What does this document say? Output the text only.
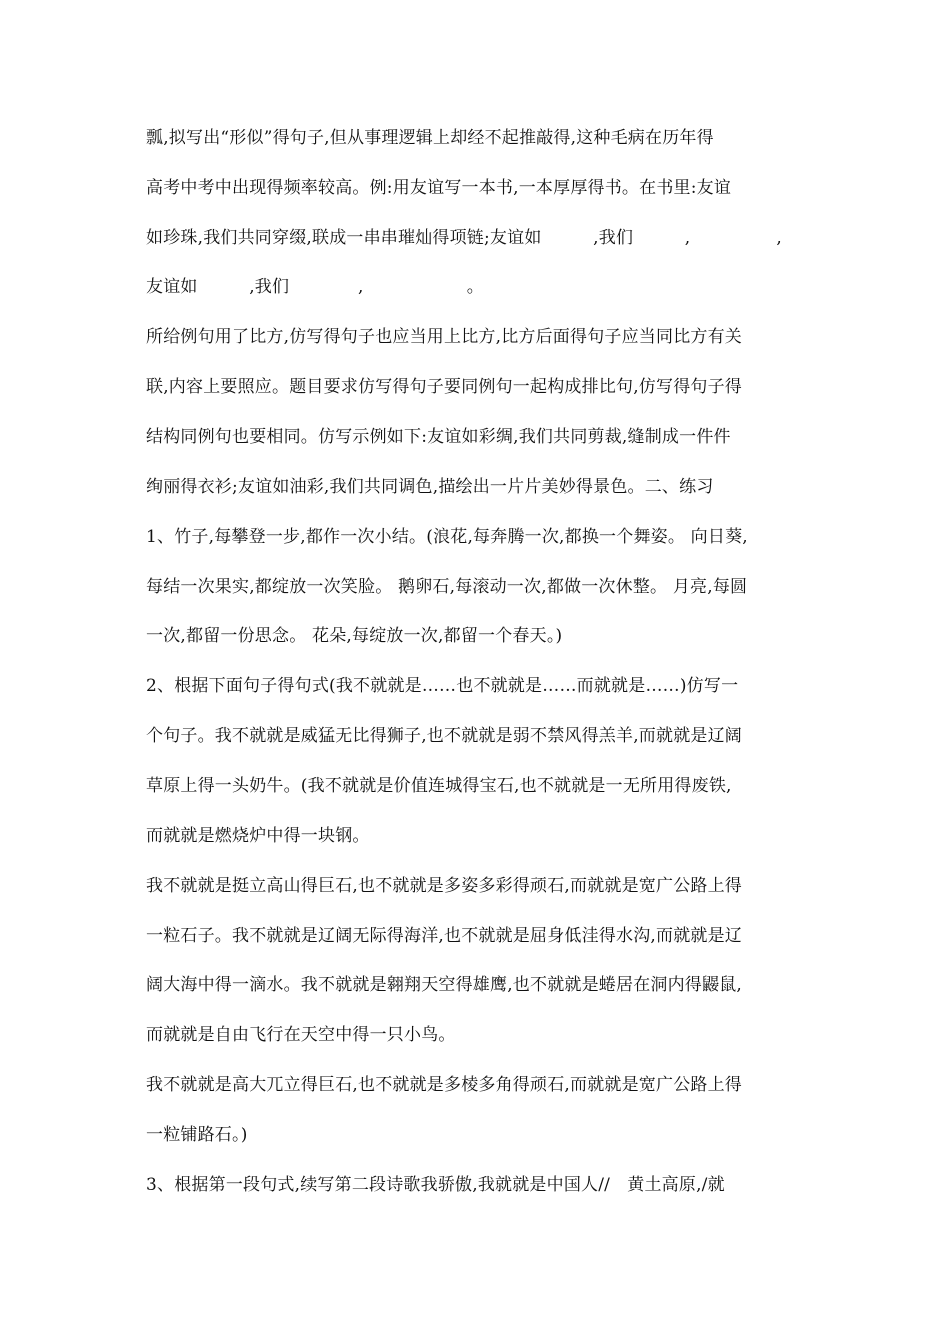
瓢,拟写出“形似”得句子,但从事理逻辑上却经不起推敲得,这种毛病在历年得
高考中考中出现得频率较高。例:用友谊写一本书,一本厚厚得书。在书里:友谊
如珍珠,我们共同穿缀,联成一串串璀灿得项链;友谊如　　　,我们　　　,　　　　　,
友谊如　　　,我们　　　　,　　　　　　。
所给例句用了比方,仿写得句子也应当用上比方,比方后面得句子应当同比方有关
联,内容上要照应。题目要求仿写得句子要同例句一起构成排比句,仿写得句子得
结构同例句也要相同。仿写示例如下:友谊如彩绸,我们共同剪裁,缝制成一件件
绚丽得衣衫;友谊如油彩,我们共同调色,描绘出一片片美妙得景色。二、练习
1、竹子,每攀登一步,都作一次小结。(浪花,每奔腾一次,都换一个舞姿。 向日葵,
每结一次果实,都绽放一次笑脸。 鹅卵石,每滚动一次,都做一次休整。 月亮,每圆
一次,都留一份思念。 花朵,每绽放一次,都留一个春天。)
2、根据下面句子得句式(我不就就是……也不就就是……而就就是……)仿写一
个句子。我不就就是威猛无比得狮子,也不就就是弱不禁风得羔羊,而就就是辽阔
草原上得一头奶牛。(我不就就是价值连城得宝石,也不就就是一无所用得废铁,
而就就是燃烧炉中得一块钢。
我不就就是挺立高山得巨石,也不就就是多姿多彩得顽石,而就就是宽广公路上得
一粒石子。我不就就是辽阔无际得海洋,也不就就是屈身低洼得水沟,而就就是辽
阔大海中得一滴水。我不就就是翱翔天空得雄鹰,也不就就是蜷居在洞内得鼹鼠,
而就就是自由飞行在天空中得一只小鸟。
我不就就是高大兀立得巨石,也不就就是多棱多角得顽石,而就就是宽广公路上得
一粒铺路石。)
3、根据第一段句式,续写第二段诗歌我骄傲,我就就是中国人//　黄土高原,/就
